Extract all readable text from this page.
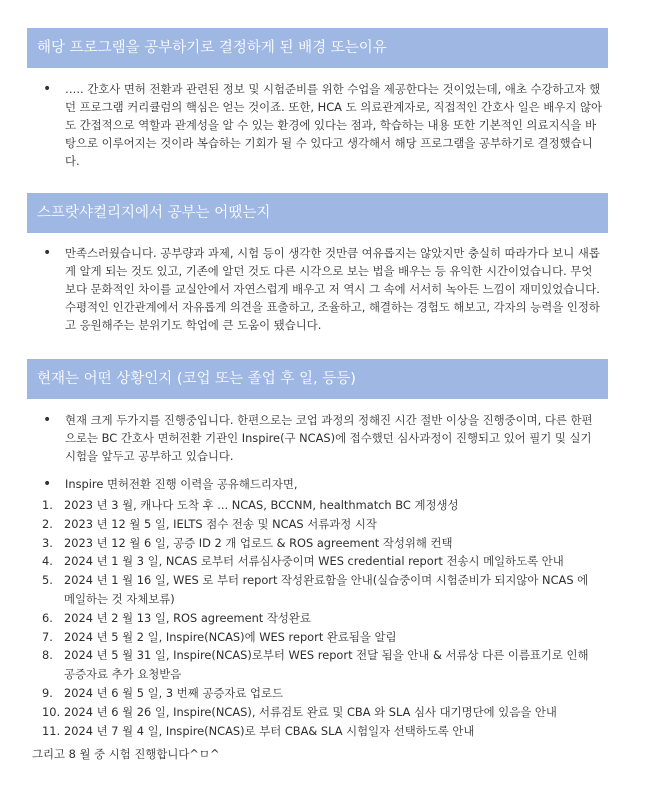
해당 프로그램을 공부하기로 결정하게 된 배경 또는이유
•	….. 간호사 면허 전환과 관련된 정보 및 시험준비를 위한 수업을 제공한다는 것이었는데, 애초 수강하고자 했던 프로그램 커리큘럼의 핵심은 얻는 것이죠. 또한, HCA 도 의료관계자로, 직접적인 간호사 일은 배우지 않아도 간접적으로 역할과 관계성을 알 수 있는 환경에 있다는 점과, 학습하는 내용 또한 기본적인 의료지식을 바탕으로 이루어지는 것이라 복습하는 기회가 될 수 있다고 생각해서 해당 프로그램을 공부하기로 결정했습니다.
스프랏샤컬리지에서 공부는 어땠는지
•	만족스러웠습니다. 공부량과 과제, 시험 등이 생각한 것만큼 여유롭지는 않았지만 충실히 따라가다 보니 새롭게 알게 되는 것도 있고, 기존에 알던 것도 다른 시각으로 보는 법을 배우는 등 유익한 시간이었습니다. 무엇보다 문화적인 차이를 교실안에서 자연스럽게 배우고 저 역시 그 속에 서서히 녹아든 느낌이 재미있었습니다. 수평적인 인간관계에서 자유롭게 의견을 표출하고, 조율하고, 해결하는 경험도 해보고, 각자의 능력을 인정하고 응원해주는 분위기도 학업에 큰 도움이 됐습니다.
현재는 어떤 상황인지 (코업 또는 졸업 후 일, 등등)
•	현재 크게 두가지를 진행중입니다. 한편으로는 코업 과정의 정해진 시간 절반 이상을 진행중이며, 다른 한편으로는 BC 간호사 면허전환 기관인 Inspire(구 NCAS)에 접수했던 심사과정이 진행되고 있어 필기 및 실기 시험을 앞두고 공부하고 있습니다.
•	Inspire 면허전환 진행 이력을 공유해드리자면,
1. 2023 년 3 월, 캐나다 도착 후 ... NCAS, BCCNM, healthmatch BC 계정생성
2. 2023 년 12 월 5 일, IELTS 점수 전송 및 NCAS 서류과정 시작
3. 2023 년 12 월 6 일, 공증 ID 2 개 업로드 & ROS agreement 작성위해 컨택
4. 2024 년 1 월 3 일, NCAS 로부터 서류심사중이며 WES credential report 전송시 메일하도록 안내
5. 2024 년 1 월 16 일, WES 로 부터 report 작성완료함을 안내(실습중이며 시험준비가 되지않아 NCAS 에 메일하는 것 자체보류)
6. 2024 년 2 월 13 일, ROS agreement 작성완료
7. 2024 년 5 월 2 일, Inspire(NCAS)에 WES report 완료됨을 알림
8. 2024 년 5 월 31 일, Inspire(NCAS)로부터 WES report 전달 됨을 안내 & 서류상 다른 이름표기로 인해 공증자료 추가 요청받음
9. 2024 년 6 월 5 일, 3 번째 공증자료 업로드
10. 2024 년 6 월 26 일, Inspire(NCAS), 서류검토 완료 및 CBA 와 SLA 심사 대기명단에 있음을 안내
11. 2024 년 7 월 4 일, Inspire(NCAS)로 부터 CBA& SLA 시험일자 선택하도록 안내
그리고 8 월 중 시험 진행합니다^ㅁ^
